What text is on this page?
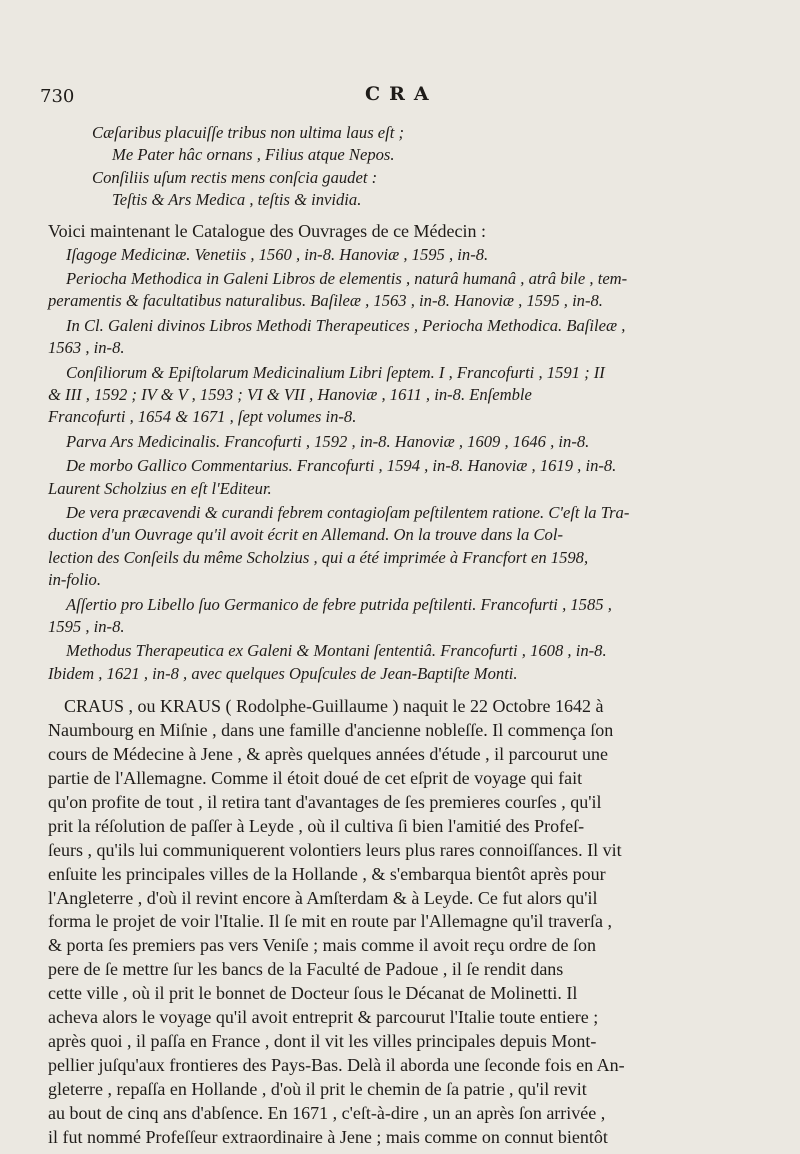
730	CRA
Cæſaribus placuiſſe tribus non ultima laus eſt ;
Me Pater hâc ornans , Filius atque Nepos.
Conſiliis uſum rectis mens conſcia gaudet :
Teſtis & Ars Medica , teſtis & invidia.
Voici maintenant le Catalogue des Ouvrages de ce Médecin :
Iſagoge Medicinæ. Venetiis , 1560 , in-8. Hanoviæ , 1595 , in-8.
Periocha Methodica in Galeni Libros de elementis , naturâ humanâ , atrâ bile , tem-
peramentis & facultatibus naturalibus. Baſileæ , 1563 , in-8. Hanoviæ , 1595 , in-8.
In Cl. Galeni divinos Libros Methodi Therapeutices , Periocha Methodica. Baſileæ ,
1563 , in-8.
Conſiliorum & Epiſtolarum Medicinalium Libri ſeptem. I , Francofurti , 1591 ; II
& III , 1592 ; IV & V , 1593 ; VI & VII , Hanoviæ , 1611 , in-8. Enſemble
Francofurti , 1654 & 1671 , ſept volumes in-8.
Parva Ars Medicinalis. Francofurti , 1592 , in-8. Hanoviæ , 1609 , 1646 , in-8.
De morbo Gallico Commentarius. Francofurti , 1594 , in-8. Hanoviæ , 1619 , in-8.
Laurent Scholzius en eſt l'Editeur.
De vera præcavendi & curandi febrem contagioſam peſtilentem ratione. C'eſt la Tra-
duction d'un Ouvrage qu'il avoit écrit en Allemand. On la trouve dans la Col-
lection des Conſeils du même Scholzius , qui a été imprimée à Francfort en 1598,
in-folio.
Aſſertio pro Libello ſuo Germanico de febre putrida peſtilenti. Francofurti , 1585 ,
1595 , in-8.
Methodus Therapeutica ex Galeni & Montani ſententiâ. Francofurti , 1608 , in-8.
Ibidem , 1621 , in-8 , avec quelques Opuſcules de Jean-Baptiſte Monti.
CRAUS , ou KRAUS ( Rodolphe-Guillaume ) naquit le 22 Octobre 1642 à
Naumbourg en Miſnie , dans une famille d'ancienne nobleſſe. Il commença ſon
cours de Médecine à Jene , & après quelques années d'étude , il parcourut une
partie de l'Allemagne. Comme il étoit doué de cet eſprit de voyage qui fait
qu'on profite de tout , il retira tant d'avantages de ſes premieres courſes , qu'il
prit la réſolution de paſſer à Leyde , où il cultiva ſi bien l'amitié des Profeſ-
ſeurs , qu'ils lui communiquerent volontiers leurs plus rares connoiſſances. Il vit
enſuite les principales villes de la Hollande , & s'embarqua bientôt après pour
l'Angleterre , d'où il revint encore à Amſterdam & à Leyde. Ce fut alors qu'il
forma le projet de voir l'Italie. Il ſe mit en route par l'Allemagne qu'il traverſa ,
& porta ſes premiers pas vers Veniſe ; mais comme il avoit reçu ordre de ſon
pere de ſe mettre ſur les bancs de la Faculté de Padoue , il ſe rendit dans
cette ville , où il prit le bonnet de Docteur ſous le Décanat de Molinetti. Il
acheva alors le voyage qu'il avoit entreprit & parcourut l'Italie toute entiere ;
après quoi , il paſſa en France , dont il vit les villes principales depuis Mont-
pellier juſqu'aux frontieres des Pays-Bas. Delà il aborda une ſeconde fois en An-
gleterre , repaſſa en Hollande , d'où il prit le chemin de ſa patrie , qu'il revit
au bout de cinq ans d'abſence. En 1671 , c'eſt-à-dire , un an après ſon arrivée ,
il fut nommé Profeſſeur extraordinaire à Jene ; mais comme on connut bientôt
